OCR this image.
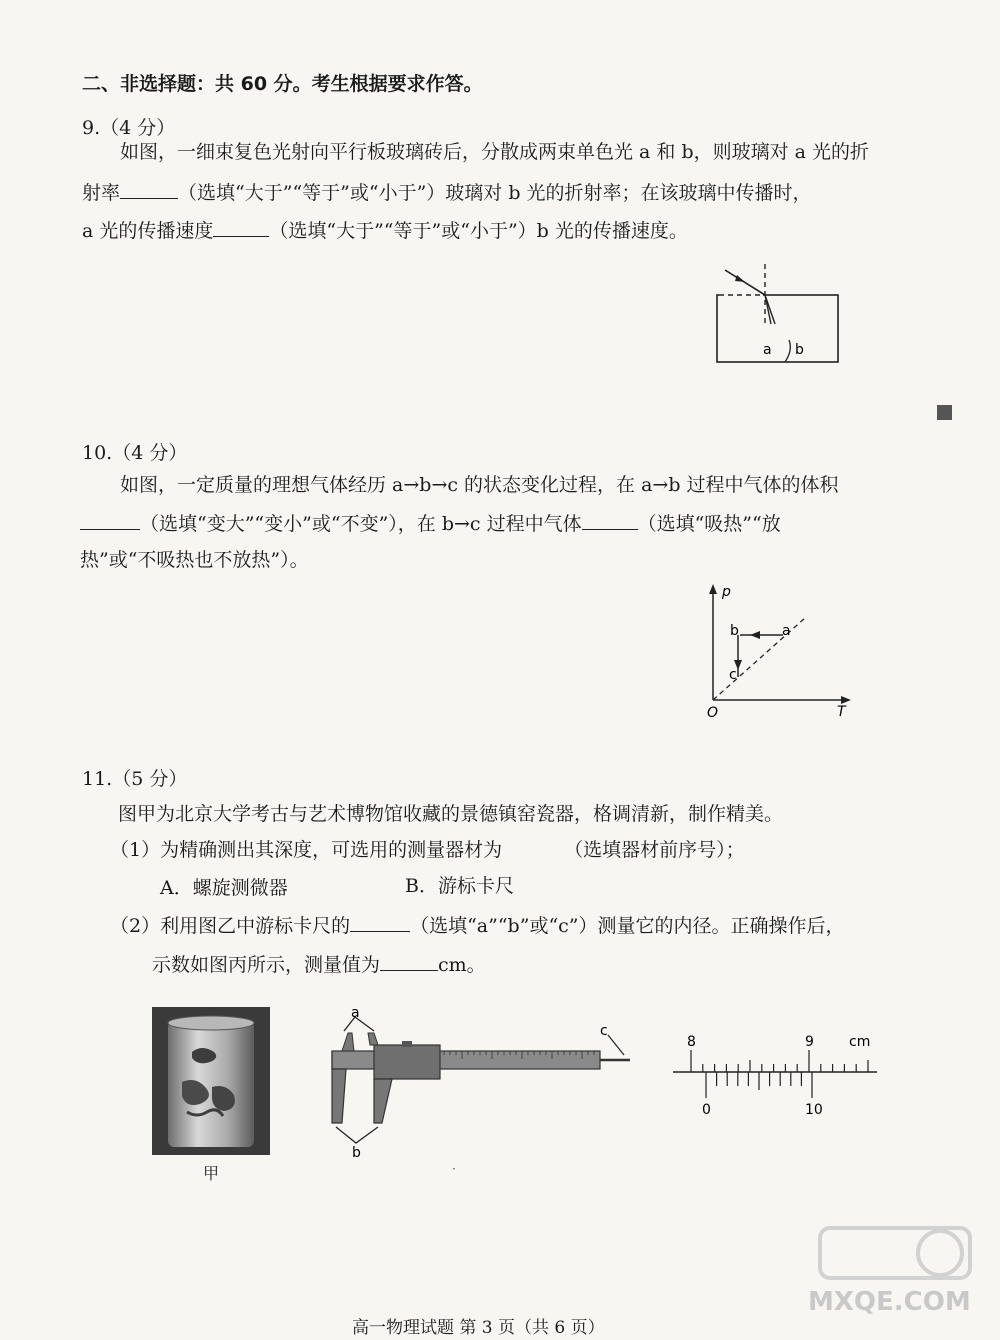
二、非选择题：共 60 分。考生根据要求作答。
9.（4 分）
如图，一细束复色光射向平行板玻璃砖后，分散成两束单色光 a 和 b，则玻璃对 a 光的折
射率	（选填“大于”“等于”或“小于”）玻璃对 b 光的折射率；在该玻璃中传播时，
a 光的传播速度	（选填“大于”“等于”或“小于”）b 光的传播速度。
a b
10.（4 分）
如图，一定质量的理想气体经历 a→b→c 的状态变化过程，在 a→b 过程中气体的体积
（选填“变大”“变小”或“不变”），在 b→c 过程中气体	（选填“吸热”“放
热”或“不吸热也不放热”）。
p
T
O
a
b
c
11.（5 分）
图甲为北京大学考古与艺术博物馆收藏的景德镇窑瓷器，格调清新，制作精美。
（1）为精确测出其深度，可选用的测量器材为	（选填器材前序号）；
A．螺旋测微器	B．游标卡尺
（2）利用图乙中游标卡尺的	（选填“a”“b”或“c”）测量它的内径。正确操作后，
示数如图丙所示，测量值为	cm。
甲
a
b
c
·
8	9	cm
0	10
高一物理试题 第 3 页（共 6 页）
MXQE.COM
